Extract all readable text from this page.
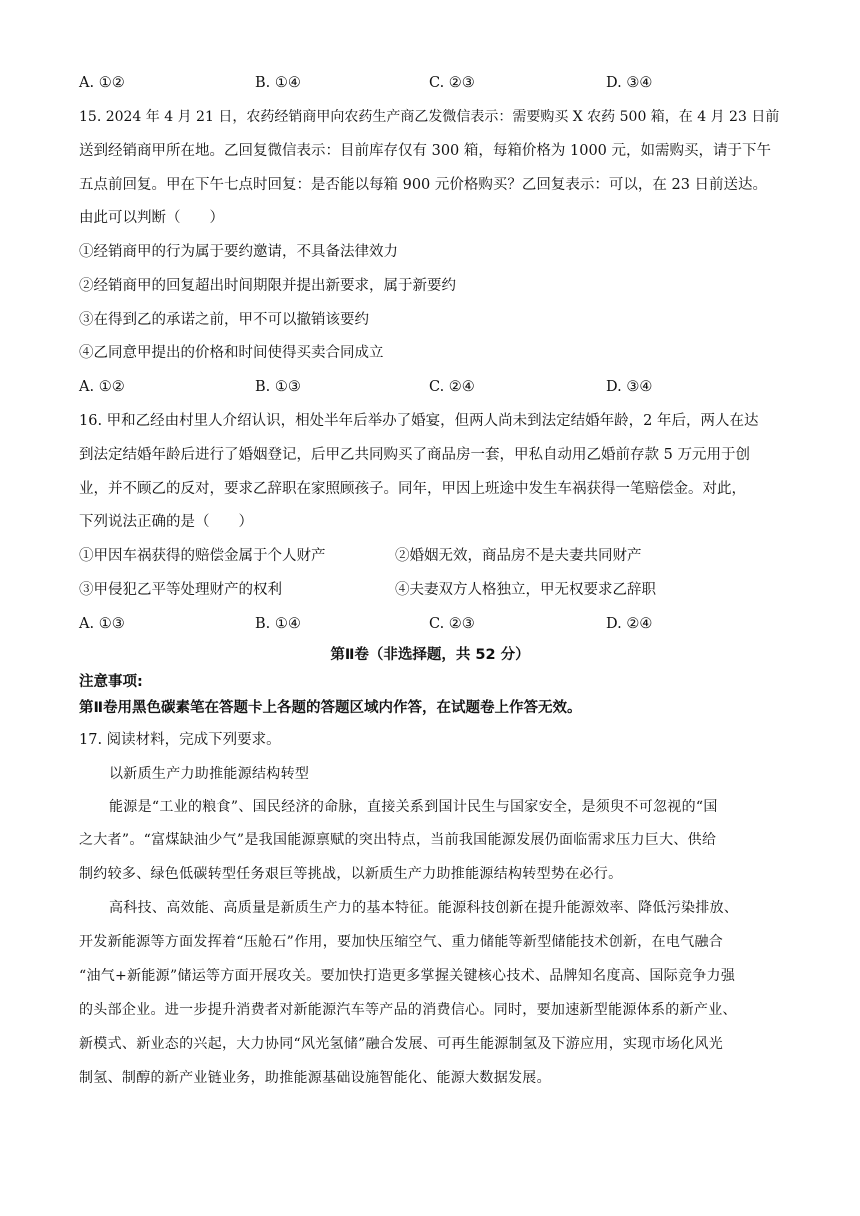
A. ①②	B. ①④	C. ②③	D. ③④
15. 2024 年 4 月 21 日，农药经销商甲向农药生产商乙发微信表示：需要购买 X 农药 500 箱，在 4 月 23 日前
送到经销商甲所在地。乙回复微信表示：目前库存仅有 300 箱，每箱价格为 1000 元，如需购买，请于下午
五点前回复。甲在下午七点时回复：是否能以每箱 900 元价格购买？乙回复表示：可以，在 23 日前送达。
由此可以判断（　　）
①经销商甲的行为属于要约邀请，不具备法律效力
②经销商甲的回复超出时间期限并提出新要求，属于新要约
③在得到乙的承诺之前，甲不可以撤销该要约
④乙同意甲提出的价格和时间使得买卖合同成立
A. ①②	B. ①③	C. ②④	D. ③④
16. 甲和乙经由村里人介绍认识，相处半年后举办了婚宴，但两人尚未到法定结婚年龄，2 年后，两人在达
到法定结婚年龄后进行了婚姻登记，后甲乙共同购买了商品房一套，甲私自动用乙婚前存款 5 万元用于创
业，并不顾乙的反对，要求乙辞职在家照顾孩子。同年，甲因上班途中发生车祸获得一笔赔偿金。对此，
下列说法正确的是（　　）
①甲因车祸获得的赔偿金属于个人财产	②婚姻无效，商品房不是夫妻共同财产
③甲侵犯乙平等处理财产的权利	④夫妻双方人格独立，甲无权要求乙辞职
A. ①③	B. ①④	C. ②③	D. ②④
第Ⅱ卷（非选择题，共 52 分）
注意事项:
第Ⅱ卷用黑色碳素笔在答题卡上各题的答题区域内作答，在试题卷上作答无效。
17. 阅读材料，完成下列要求。
以新质生产力助推能源结构转型
能源是“工业的粮食”、国民经济的命脉，直接关系到国计民生与国家安全，是须臾不可忽视的“国
之大者”。“富煤缺油少气”是我国能源禀赋的突出特点，当前我国能源发展仍面临需求压力巨大、供给
制约较多、绿色低碳转型任务艰巨等挑战，以新质生产力助推能源结构转型势在必行。
高科技、高效能、高质量是新质生产力的基本特征。能源科技创新在提升能源效率、降低污染排放、
开发新能源等方面发挥着“压舱石”作用，要加快压缩空气、重力储能等新型储能技术创新，在电气融合
“油气+新能源”储运等方面开展攻关。要加快打造更多掌握关键核心技术、品牌知名度高、国际竞争力强
的头部企业。进一步提升消费者对新能源汽车等产品的消费信心。同时，要加速新型能源体系的新产业、
新模式、新业态的兴起，大力协同“风光氢储”融合发展、可再生能源制氢及下游应用，实现市场化风光
制氢、制醇的新产业链业务，助推能源基础设施智能化、能源大数据发展。
